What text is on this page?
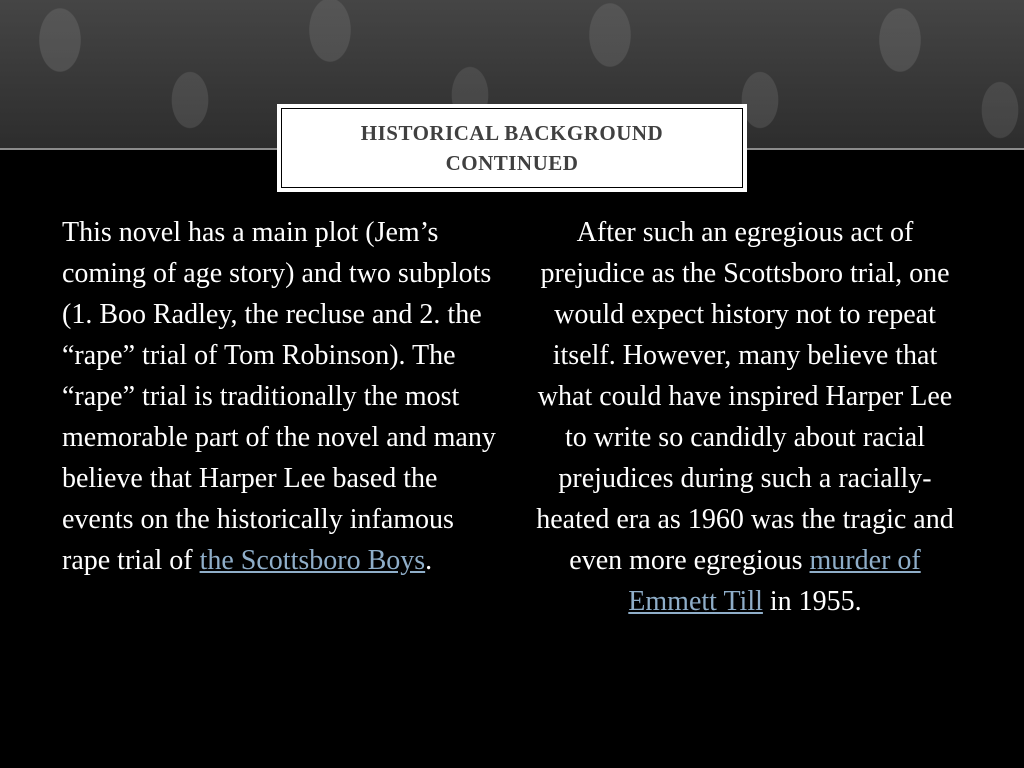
HISTORICAL BACKGROUND CONTINUED

This novel has a main plot (Jem’s coming of age story) and two subplots (1. Boo Radley, the recluse and 2. the “rape” trial of Tom Robinson). The “rape” trial is traditionally the most memorable part of the novel and many believe that Harper Lee based the events on the historically infamous rape trial of the Scottsboro Boys.

After such an egregious act of prejudice as the Scottsboro trial, one would expect history not to repeat itself. However, many believe that what could have inspired Harper Lee to write so candidly about racial prejudices during such a racially-heated era as 1960 was the tragic and even more egregious murder of Emmett Till in 1955.
